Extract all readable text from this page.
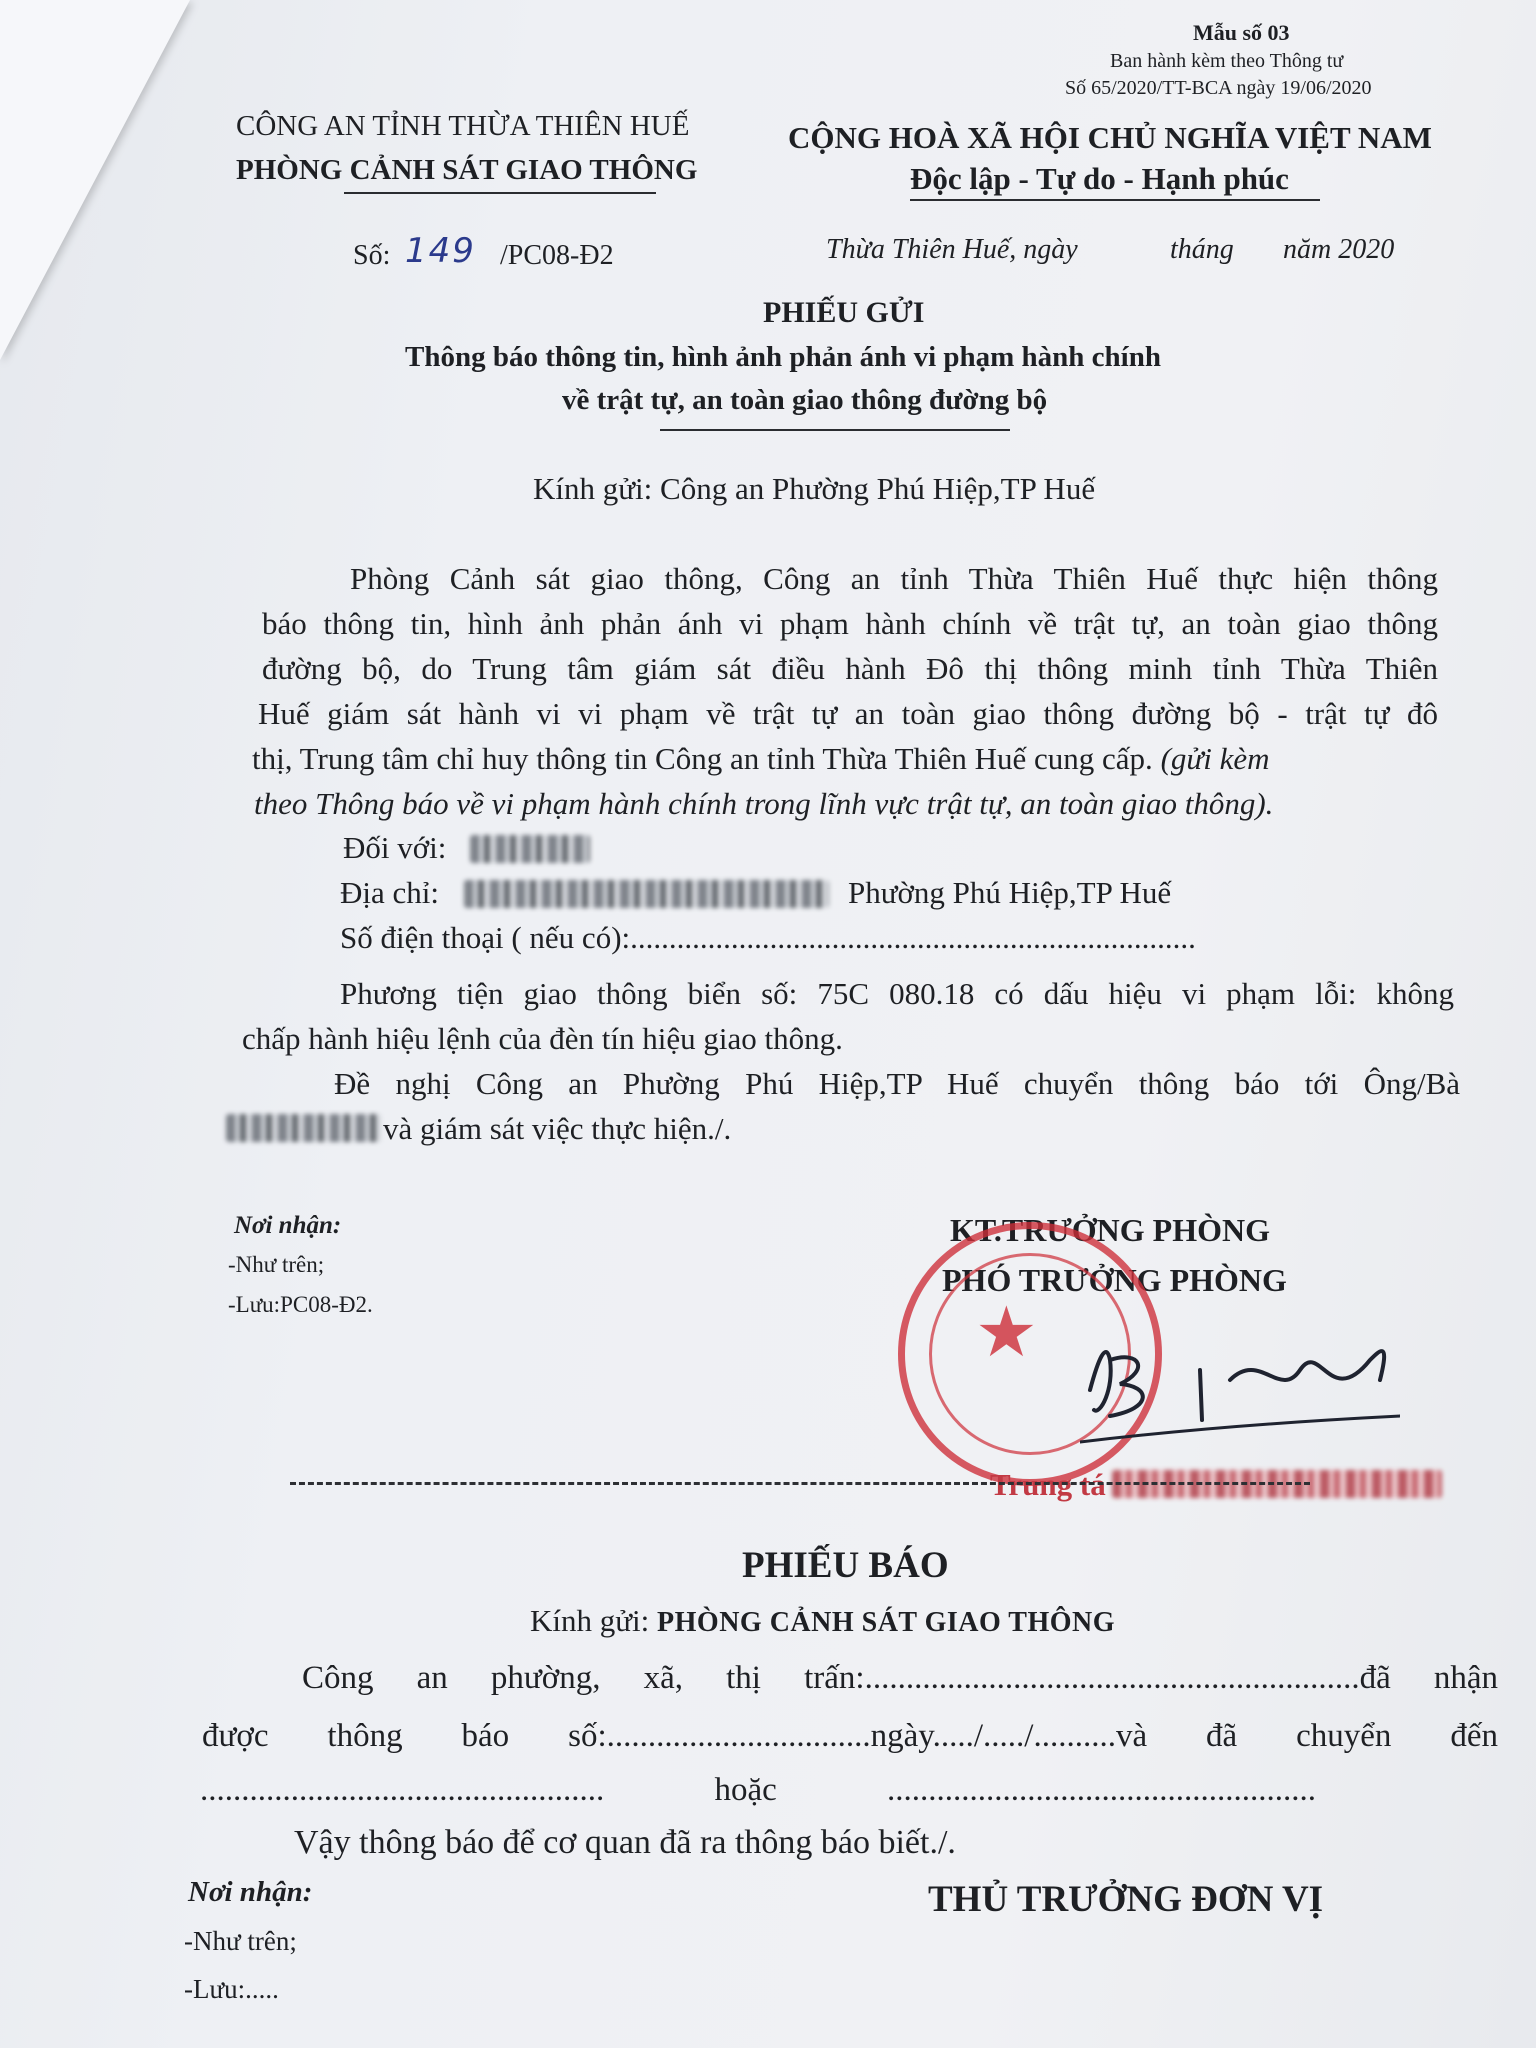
Mẫu số 03
Ban hành kèm theo Thông tư
Số 65/2020/TT-BCA ngày 19/06/2020
CÔNG AN TỈNH THỪA THIÊN HUẾ
PHÒNG CẢNH SÁT GIAO THÔNG
CỘNG HOÀ XÃ HỘI CHỦ NGHĨA VIỆT NAM
Độc lập - Tự do - Hạnh phúc
Số: 149 /PC08-Đ2	Thừa Thiên Huế, ngày	tháng năm 2020
PHIẾU GỬI
Thông báo thông tin, hình ảnh phản ánh vi phạm hành chính
về trật tự, an toàn giao thông đường bộ
Kính gửi: Công an Phường Phú Hiệp,TP Huế
Phòng Cảnh sát giao thông, Công an tỉnh Thừa Thiên Huế thực hiện thông
báo thông tin, hình ảnh phản ánh vi phạm hành chính về trật tự, an toàn giao thông
đường bộ, do Trung tâm giám sát điều hành Đô thị thông minh tỉnh Thừa Thiên
Huế giám sát hành vi vi phạm về trật tự an toàn giao thông đường bộ - trật tự đô
thị, Trung tâm chỉ huy thông tin Công an tỉnh Thừa Thiên Huế cung cấp. (gửi kèm
theo Thông báo về vi phạm hành chính trong lĩnh vực trật tự, an toàn giao thông).
Đối với:
Địa chỉ:	Phường Phú Hiệp,TP Huế
Số điện thoại ( nếu có):.........................................................................
Phương tiện giao thông biển số: 75C 080.18 có dấu hiệu vi phạm lỗi: không
chấp hành hiệu lệnh của đèn tín hiệu giao thông.
Đề nghị Công an Phường Phú Hiệp,TP Huế chuyển thông báo tới Ông/Bà
và giám sát việc thực hiện./.
Nơi nhận:
-Như trên;
-Lưu:PC08-Đ2.
KT.TRƯỞNG PHÒNG
PHÓ TRƯỞNG PHÒNG
★
Trung tá
PHIẾU BÁO
Kính gửi: PHÒNG CẢNH SÁT GIAO THÔNG
Công an phường, xã, thị trấn:............................................................đã nhận
được thông báo số:................................ngày...../...../..........và đã chuyển đến
................................................. hoặc ....................................................
Vậy thông báo để cơ quan đã ra thông báo biết./.
Nơi nhận:
-Như trên;
-Lưu:.....
THỦ TRƯỞNG ĐƠN VỊ
